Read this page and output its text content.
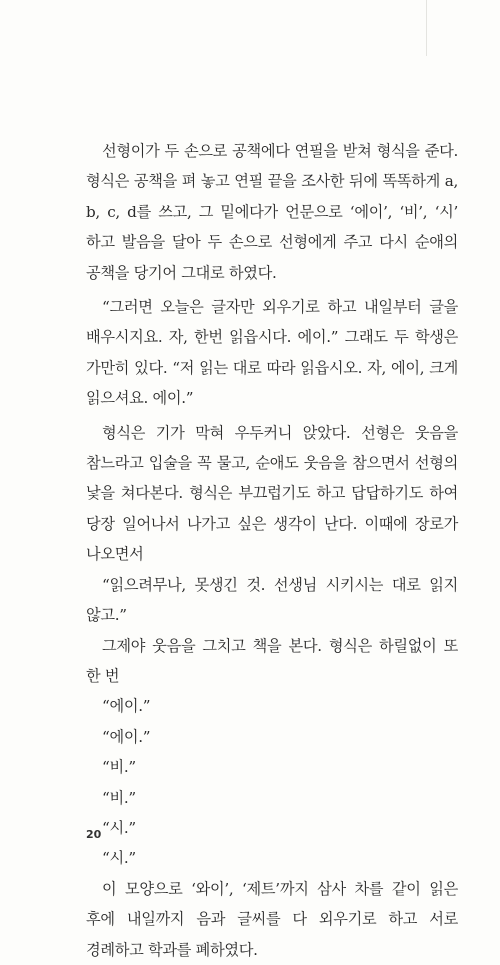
선형이가 두 손으로 공책에다 연필을 받쳐 형식을 준다. 형식은 공책을 펴 놓고 연필 끝을 조사한 뒤에 똑똑하게 a, b, c, d를 쓰고, 그 밑에다가 언문으로 ‘에이’, ‘비’, ‘시’ 하고 발음을 달아 두 손으로 선형에게 주고 다시 순애의 공책을 당기어 그대로 하였다.

“그러면 오늘은 글자만 외우기로 하고 내일부터 글을 배우시지요. 자, 한번 읽읍시다. 에이.” 그래도 두 학생은 가만히 있다. “저 읽는 대로 따라 읽읍시오. 자, 에이, 크게 읽으셔요. 에이.”

형식은 기가 막혀 우두커니 앉았다. 선형은 웃음을 참느라고 입술을 꼭 물고, 순애도 웃음을 참으면서 선형의 낯을 쳐다본다. 형식은 부끄럽기도 하고 답답하기도 하여 당장 일어나서 나가고 싶은 생각이 난다. 이때에 장로가 나오면서

“읽으려무나, 못생긴 것. 선생님 시키시는 대로 읽지 않고.”

그제야 웃음을 그치고 책을 본다. 형식은 하릴없이 또 한 번

“에이.”

“에이.”

“비.”

“비.”

“시.”

“시.”

이 모양으로 ‘와이’, ‘제트’까지 삼사 차를 같이 읽은 후에 내일까지 음과 글씨를 다 외우기로 하고 서로 경례하고 학과를 폐하였다.

20
